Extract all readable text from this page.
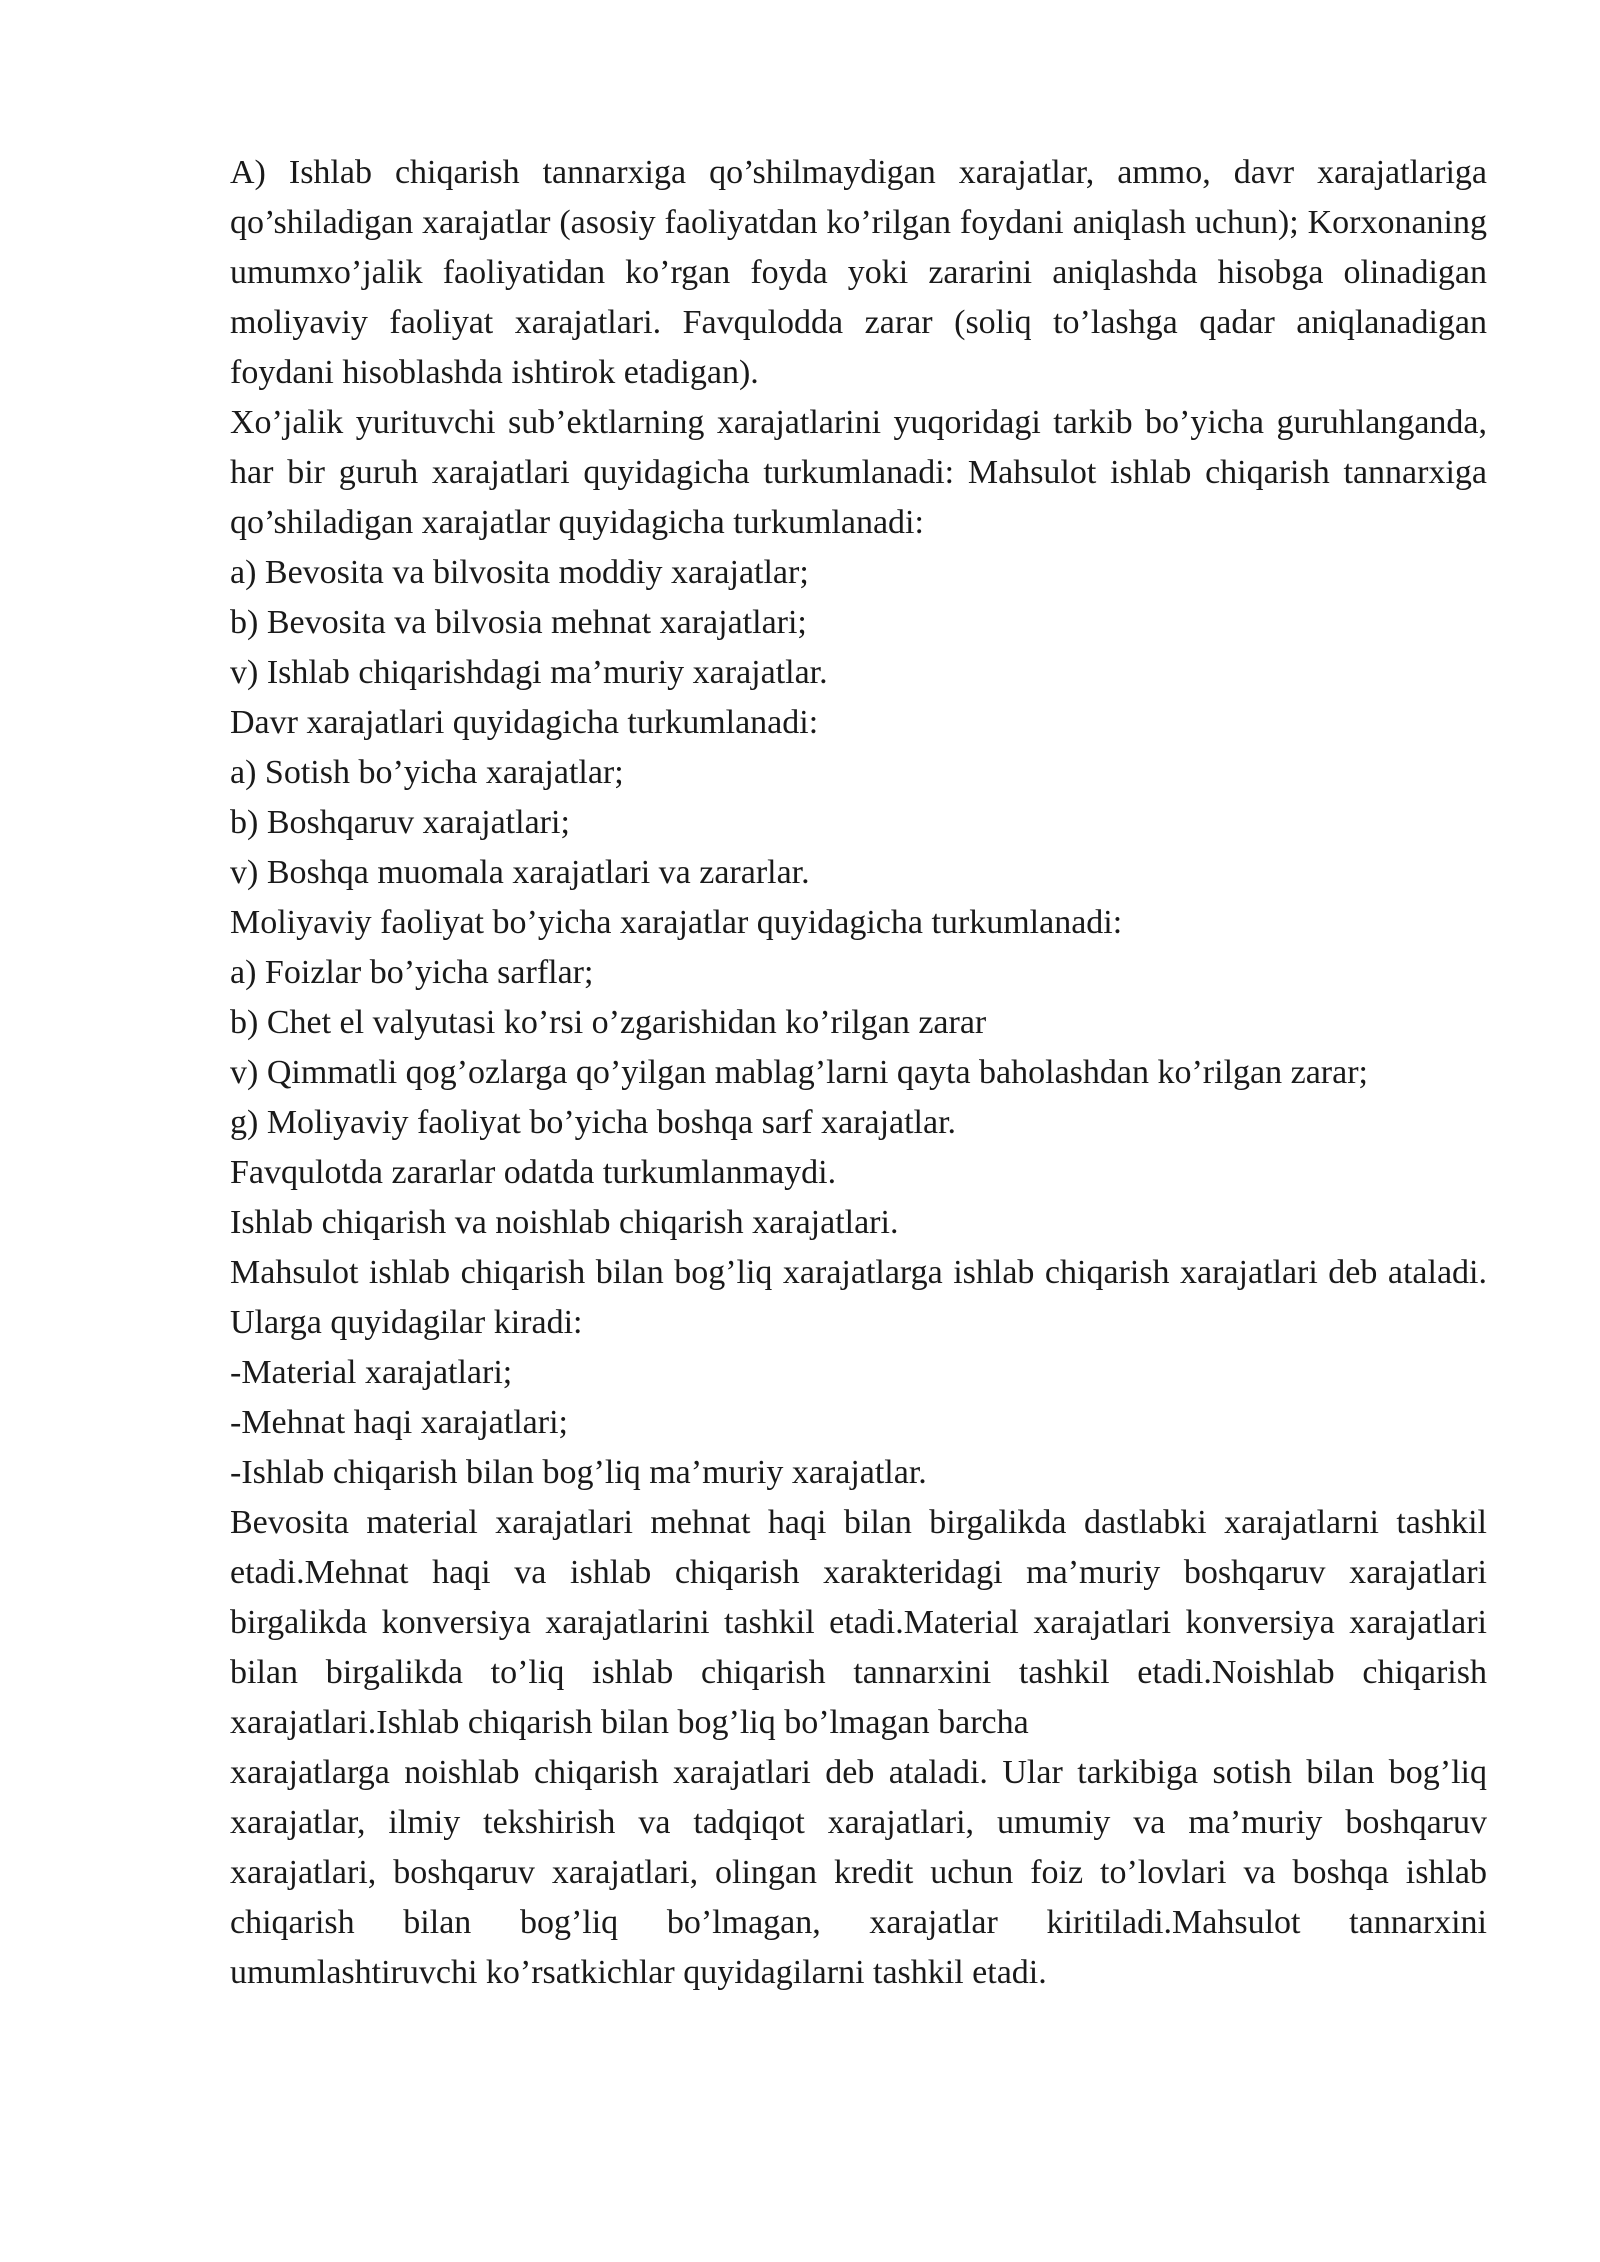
A) Ishlab chiqarish tannarxiga qo’shilmaydigan xarajatlar, ammo, davr xarajatlariga qo’shiladigan xarajatlar (asosiy faoliyatdan ko’rilgan foydani aniqlash uchun); Korxonaning umumxo’jalik faoliyatidan ko’rgan foyda yoki zararini aniqlashda hisobga olinadigan moliyaviy faoliyat xarajatlari. Favqulodda zarar (soliq to’lashga qadar aniqlanadigan foydani hisoblashda ishtirok etadigan).

Xo’jalik yurituvchi sub’ektlarning xarajatlarini yuqoridagi tarkib bo’yicha guruhlanganda, har bir guruh xarajatlari quyidagicha turkumlanadi: Mahsulot ishlab chiqarish tannarxiga qo’shiladigan xarajatlar quyidagicha turkumlanadi:

a) Bevosita va bilvosita moddiy xarajatlar;

b) Bevosita va bilvosia mehnat xarajatlari;

v) Ishlab chiqarishdagi ma’muriy xarajatlar.

Davr xarajatlari quyidagicha turkumlanadi:

a) Sotish bo’yicha xarajatlar;

b) Boshqaruv xarajatlari;

v) Boshqa muomala xarajatlari va zararlar.

Moliyaviy faoliyat bo’yicha xarajatlar quyidagicha turkumlanadi:

a) Foizlar bo’yicha sarflar;

b) Chet el valyutasi ko’rsi o’zgarishidan ko’rilgan zarar

v) Qimmatli qog’ozlarga qo’yilgan mablag’larni qayta baholashdan ko’rilgan zarar;

g) Moliyaviy faoliyat bo’yicha boshqa sarf xarajatlar.

Favqulotda zararlar odatda turkumlanmaydi.

Ishlab chiqarish va noishlab chiqarish xarajatlari.

Mahsulot ishlab chiqarish bilan bog’liq xarajatlarga ishlab chiqarish xarajatlari deb ataladi. Ularga quyidagilar kiradi:

-Material xarajatlari;

-Mehnat haqi xarajatlari;

-Ishlab chiqarish bilan bog’liq ma’muriy xarajatlar.

Bevosita material xarajatlari mehnat haqi bilan birgalikda dastlabki xarajatlarni tashkil etadi.Mehnat haqi va ishlab chiqarish xarakteridagi ma’muriy boshqaruv xarajatlari birgalikda konversiya xarajatlarini tashkil etadi.Material xarajatlari konversiya xarajatlari bilan birgalikda to’liq ishlab chiqarish tannarxini tashkil etadi.Noishlab chiqarish xarajatlari.Ishlab chiqarish bilan bog’liq bo’lmagan barcha

xarajatlarga noishlab chiqarish xarajatlari deb ataladi. Ular tarkibiga sotish bilan bog’liq xarajatlar, ilmiy tekshirish va tadqiqot xarajatlari, umumiy va ma’muriy boshqaruv xarajatlari, boshqaruv xarajatlari, olingan kredit uchun foiz to’lovlari va boshqa ishlab chiqarish bilan bog’liq bo’lmagan, xarajatlar kiritiladi.Mahsulot tannarxini umumlashtiruvchi ko’rsatkichlar quyidagilarni tashkil etadi.
